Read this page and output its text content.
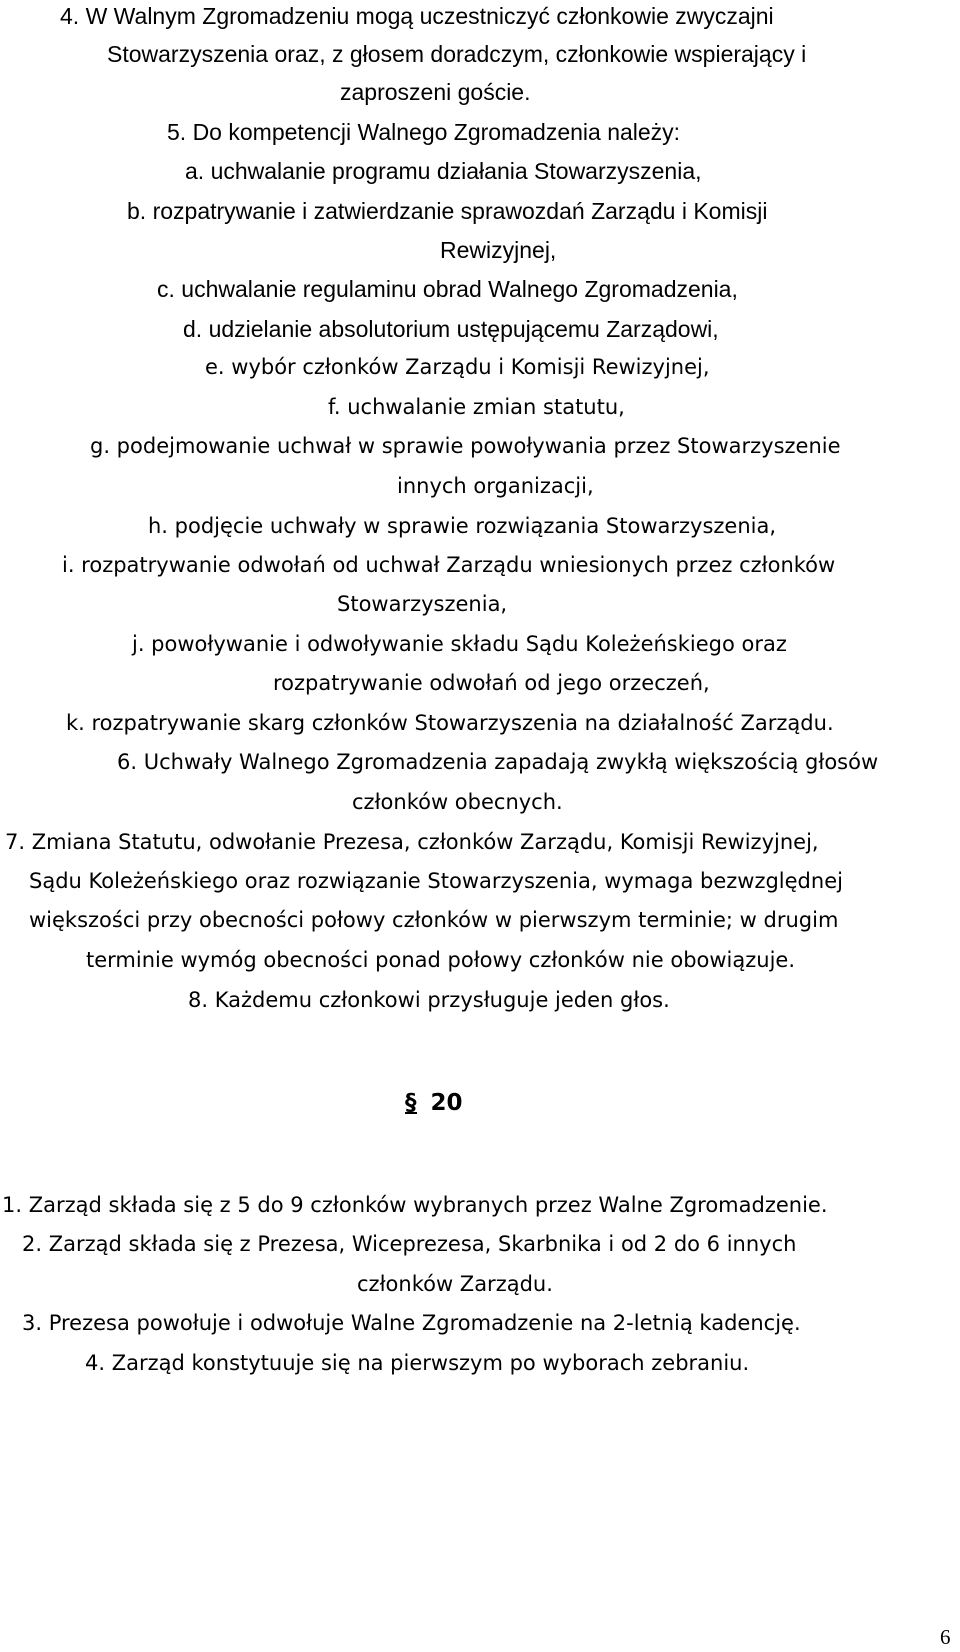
4. W Walnym Zgromadzeniu mogą uczestniczyć członkowie zwyczajni
Stowarzyszenia oraz, z głosem doradczym, członkowie wspierający i
zaproszeni goście.
5. Do kompetencji Walnego Zgromadzenia należy:
a. uchwalanie programu działania Stowarzyszenia,
b. rozpatrywanie i zatwierdzanie sprawozdań Zarządu i Komisji
Rewizyjnej,
c. uchwalanie regulaminu obrad Walnego Zgromadzenia,
d. udzielanie absolutorium ustępującemu Zarządowi,
e. wybór członków Zarządu i Komisji Rewizyjnej,
f. uchwalanie zmian statutu,
g. podejmowanie uchwał w sprawie powoływania przez Stowarzyszenie
innych organizacji,
h. podjęcie uchwały w sprawie rozwiązania Stowarzyszenia,
i. rozpatrywanie odwołań od uchwał Zarządu wniesionych przez członków
Stowarzyszenia,
j. powoływanie i odwoływanie składu Sądu Koleżeńskiego oraz
rozpatrywanie odwołań od jego orzeczeń,
k. rozpatrywanie skarg członków Stowarzyszenia na działalność Zarządu.
6. Uchwały Walnego Zgromadzenia zapadają zwykłą większością głosów
członków obecnych.
7. Zmiana Statutu, odwołanie Prezesa, członków Zarządu, Komisji Rewizyjnej,
Sądu Koleżeńskiego oraz rozwiązanie Stowarzyszenia, wymaga bezwzględnej
większości przy obecności połowy członków w pierwszym terminie; w drugim
terminie wymóg obecności ponad połowy członków nie obowiązuje.
8. Każdemu członkowi przysługuje jeden głos.
§ 20
1. Zarząd składa się z 5 do 9 członków wybranych przez Walne Zgromadzenie.
2. Zarząd składa się z Prezesa, Wiceprezesa, Skarbnika i od 2 do 6 innych
członków Zarządu.
3. Prezesa powołuje i odwołuje Walne Zgromadzenie na 2-letnią kadencję.
4. Zarząd konstytuuje się na pierwszym po wyborach zebraniu.
6
